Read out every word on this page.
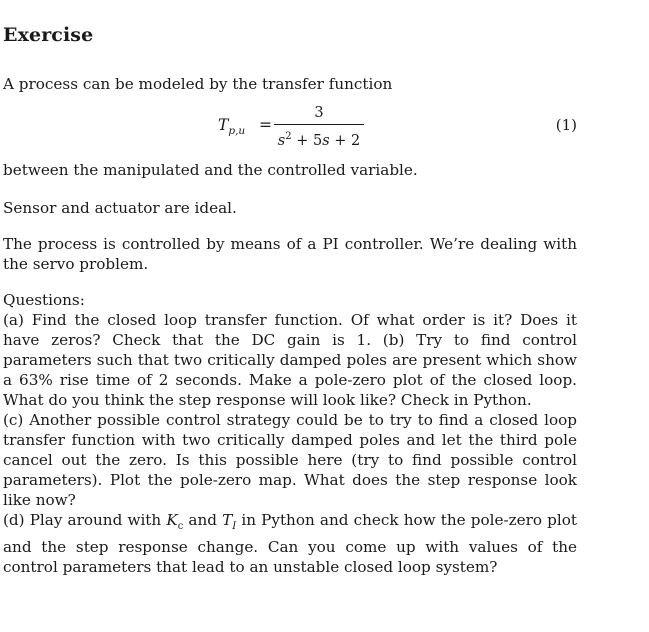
Exercise
A process can be modeled by the transfer function
$T_{p,u}$ =
3
$s^2 + 5s + 2$
(1)
between the manipulated and the controlled variable.
Sensor and actuator are ideal.
The process is controlled by means of a PI controller. We’re dealing with the servo problem.
Questions:
(a) Find the closed loop transfer function. Of what order is it? Does it have zeros? Check that the DC gain is 1. (b) Try to find control parameters such that two critically damped poles are present which show a 63% rise time of 2 seconds. Make a pole-zero plot of the closed loop. What do you think the step response will look like? Check in Python.
(c) Another possible control strategy could be to try to find a closed loop transfer function with two critically damped poles and let the third pole cancel out the zero. Is this possible here (try to find possible control parameters). Plot the pole-zero map. What does the step response look like now?
(d) Play around with $K_c$ and $T_I$ in Python and check how the pole-zero plot and the step response change. Can you come up with values of the control parameters that lead to an unstable closed loop system?
